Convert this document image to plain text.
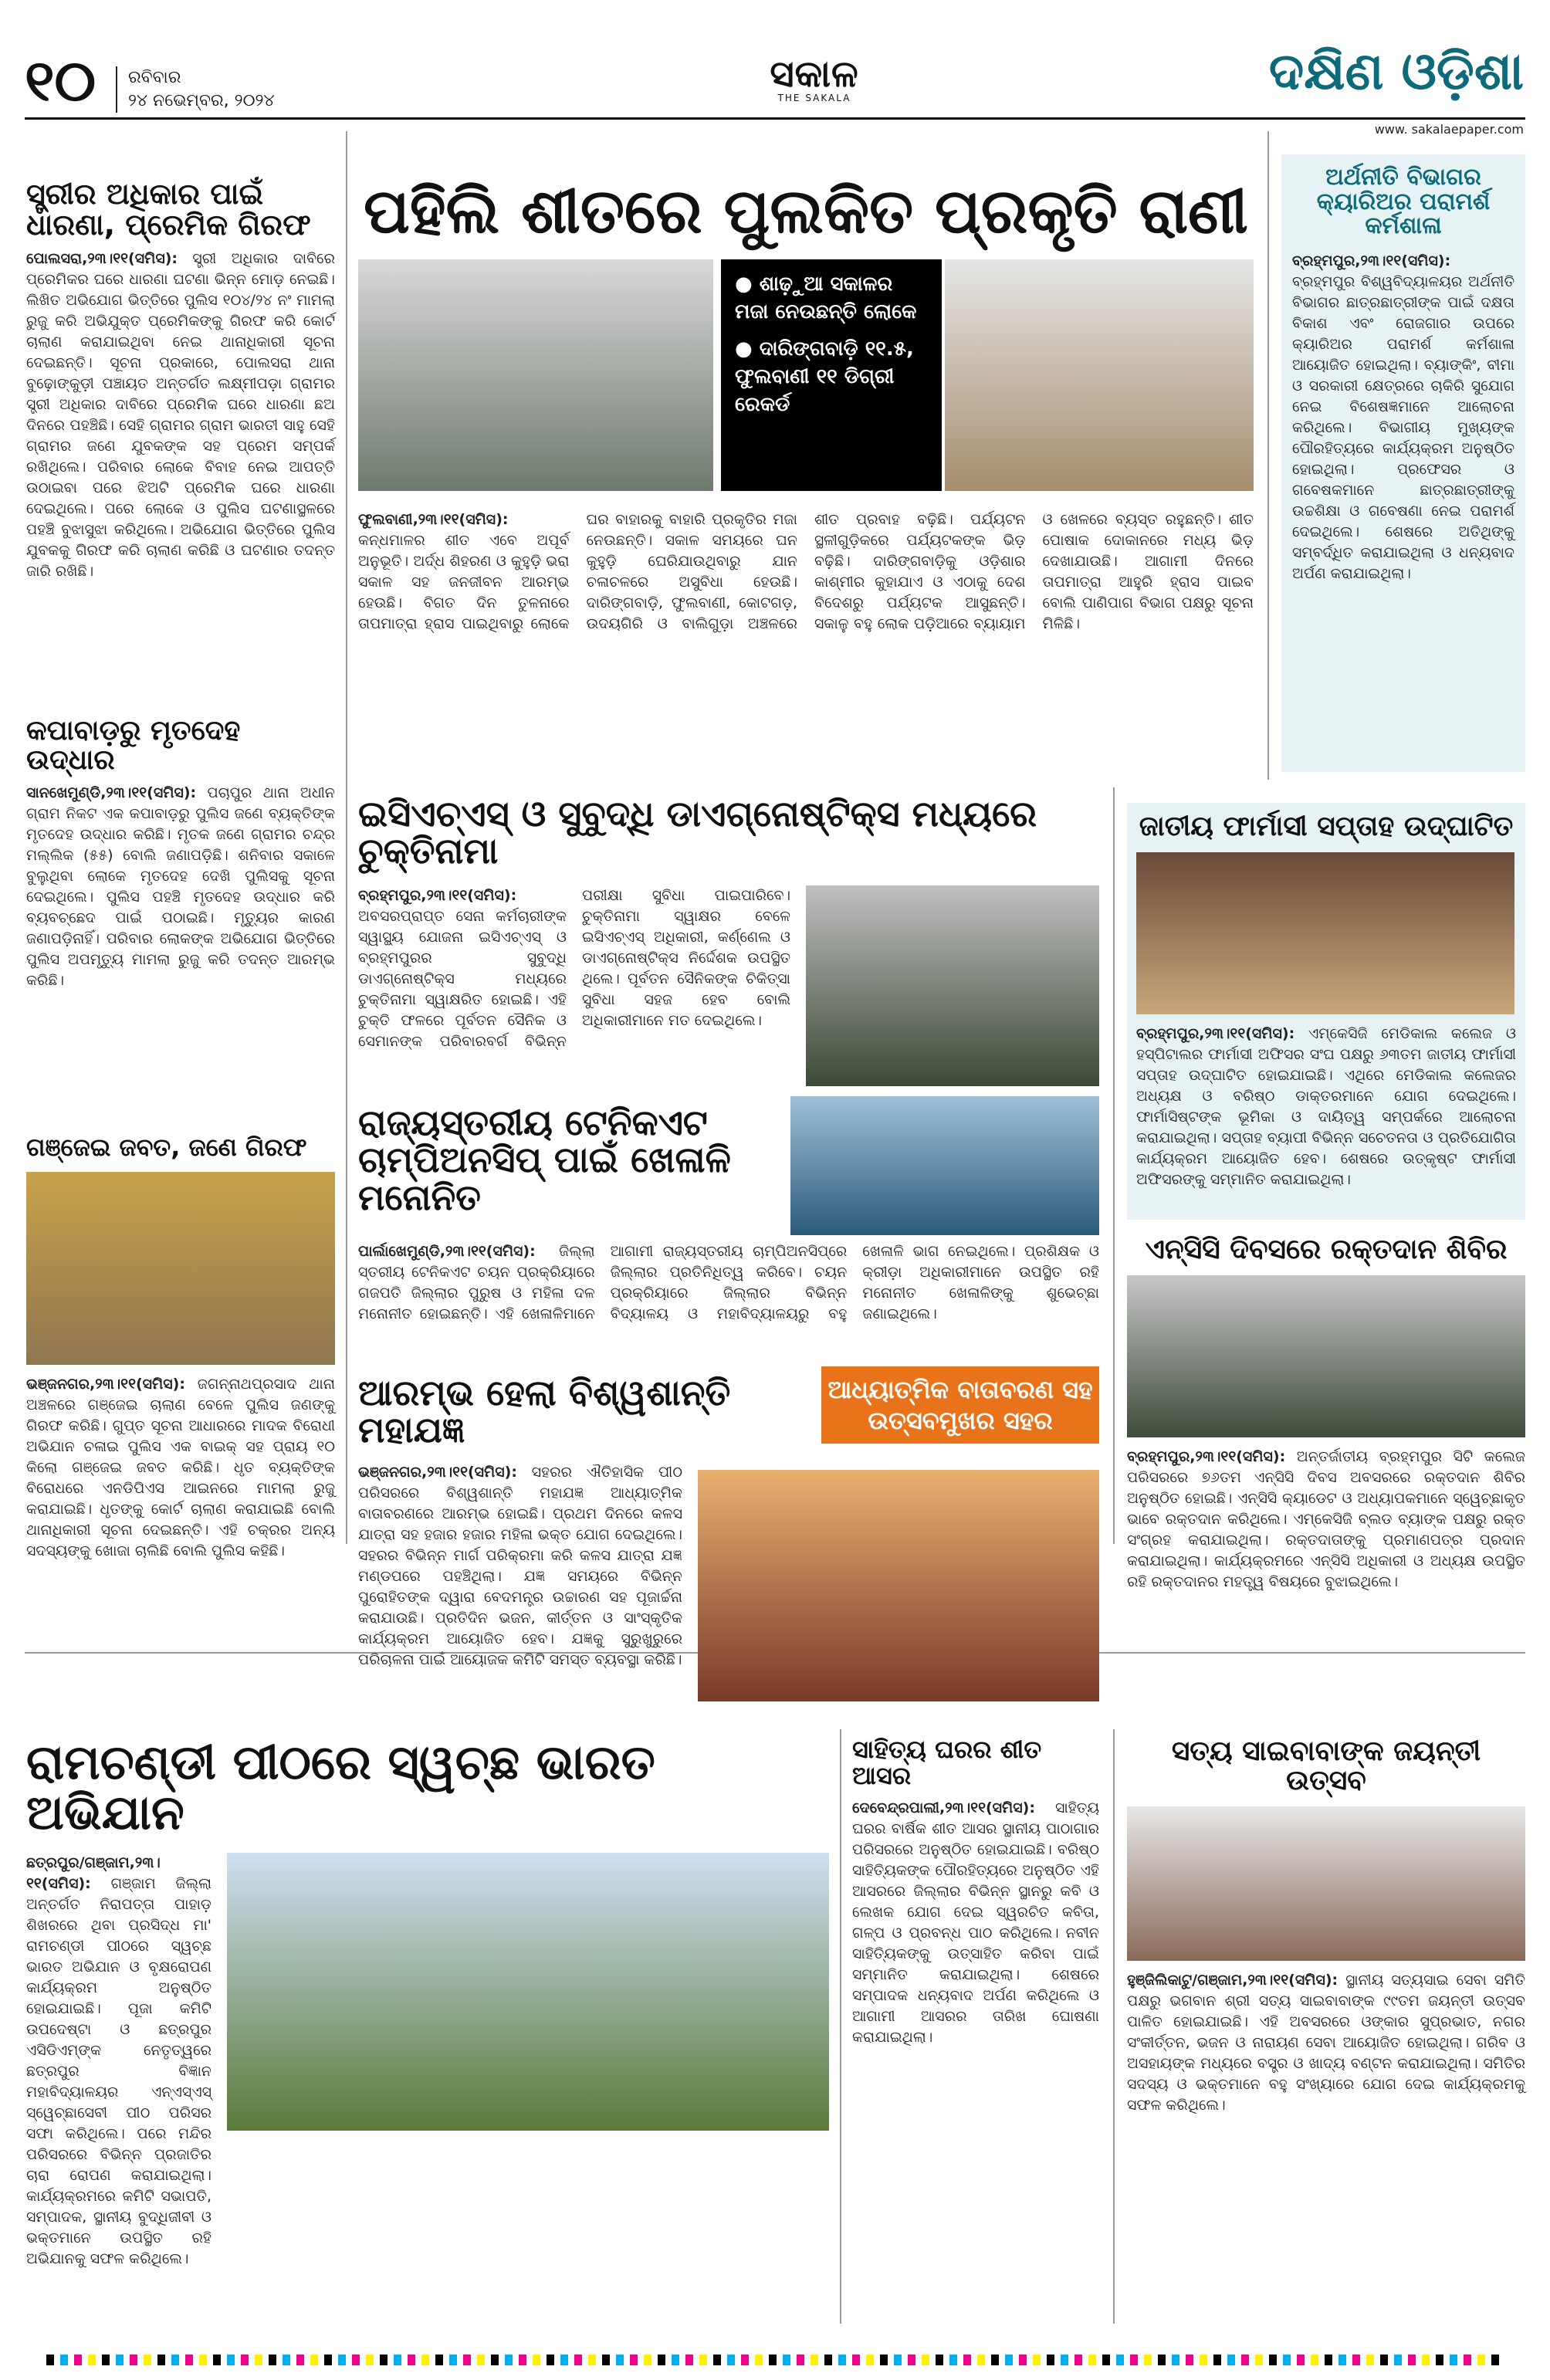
୧୦ ରବିବାର
୨୪ ନଭେମ୍ବର, ୨୦୨୪
ସକାଳ
THE SAKALA	ଦକ୍ଷିଣ ଓଡ଼ିଶା
www. sakalaepaper.com
ସ୍ତ୍ରୀର ଅଧିକାର ପାଇଁ ଧାରଣା, ପ୍ରେମିକ ଗିରଫ
ପୋଲସରା,୨୩।୧୧(ସମିସ): ସ୍ତ୍ରୀ ଅଧିକାର ଦାବିରେ ପ୍ରେମିକର ଘରେ ଧାରଣା ଘଟଣା ଭିନ୍ନ ମୋଡ଼ ନେଇଛି। ଲିଖିତ ଅଭିଯୋଗ ଭିତ୍ତିରେ ପୁଲିସ ୧୦୪/୨୪ ନଂ ମାମଲା ରୁଜୁ କରି ଅଭିଯୁକ୍ତ ପ୍ରେମିକଙ୍କୁ ଗିରଫ କରି କୋର୍ଟ ଚାଲାଣ କରାଯାଇଥିବା ନେଇ ଥାନାଧିକାରୀ ସୂଚନା ଦେଇଛନ୍ତି। ସୂଚନା ପ୍ରକାରେ, ପୋଲସରା ଥାନା ବୁଢ଼ୋଙ୍କୁଡ଼ୀ ପଞ୍ଚାୟତ ଅନ୍ତର୍ଗତ ଲକ୍ଷ୍ମୀପଡ଼ା ଗ୍ରାମର ସ୍ତ୍ରୀ ଅଧିକାର ଦାବିରେ ପ୍ରେମିକ ଘରେ ଧାରଣା ଛଅ ଦିନରେ ପହଞ୍ଚିଛି। ସେହି ଗ୍ରାମର ଗ୍ରାମ ଭାରତୀ ସାହୁ ସେହି ଗ୍ରାମର ଜଣେ ଯୁବକଙ୍କ ସହ ପ୍ରେମ ସମ୍ପର୍କ ରଖିଥିଲେ। ପରିବାର ଲୋକେ ବିବାହ ନେଇ ଆପତ୍ତି ଉଠାଇବା ପରେ ଝିଅଟି ପ୍ରେମିକ ଘରେ ଧାରଣା ଦେଇଥିଲେ। ପରେ ଲୋକେ ଓ ପୁଲିସ ଘଟଣାସ୍ଥଳରେ ପହଞ୍ଚି ବୁଝାସୁଝା କରିଥିଲେ। ଅଭିଯୋଗ ଭିତ୍ତିରେ ପୁଲିସ ଯୁବକକୁ ଗିରଫ କରି ଚାଲାଣ କରିଛି ଓ ଘଟଣାର ତଦନ୍ତ ଜାରି ରଖିଛି।
କପାବାଡ଼ରୁ ମୃତଦେହ ଉଦ୍ଧାର
ସାନଖେମୁଣ୍ଡି,୨୩।୧୧(ସମିସ): ପଚାପୁର ଥାନା ଅଧୀନ ଗ୍ରାମ ନିକଟ ଏକ କପାବାଡ଼ରୁ ପୁଲିସ ଜଣେ ବ୍ୟକ୍ତିଙ୍କ ମୃତଦେହ ଉଦ୍ଧାର କରିଛି। ମୃତକ ଜଣେ ଗ୍ରାମର ଚନ୍ଦ୍ର ମଲ୍ଲିକ (୫୫) ବୋଲି ଜଣାପଡ଼ିଛି। ଶନିବାର ସକାଳେ ବୁଲୁଥିବା ଲୋକେ ମୃତଦେହ ଦେଖି ପୁଲିସକୁ ସୂଚନା ଦେଇଥିଲେ। ପୁଲିସ ପହଞ୍ଚି ମୃତଦେହ ଉଦ୍ଧାର କରି ବ୍ୟବଚ୍ଛେଦ ପାଇଁ ପଠାଇଛି। ମୃତ୍ୟୁର କାରଣ ଜଣାପଡ଼ିନାହିଁ। ପରିବାର ଲୋକଙ୍କ ଅଭିଯୋଗ ଭିତ୍ତିରେ ପୁଲିସ ଅପମୃତ୍ୟୁ ମାମଲା ରୁଜୁ କରି ତଦନ୍ତ ଆରମ୍ଭ କରିଛି।
ଗଞ୍ଜେଇ ଜବତ, ଜଣେ ଗିରଫ
ଭଞ୍ଜନଗର,୨୩।୧୧(ସମିସ): ଜଗନ୍ନାଥପ୍ରସାଦ ଥାନା ଅଞ୍ଚଳରେ ଗଞ୍ଜେଇ ଚାଲାଣ ବେଳେ ପୁଲିସ ଜଣଙ୍କୁ ଗିରଫ କରିଛି। ଗୁପ୍ତ ସୂଚନା ଆଧାରରେ ମାଦକ ବିରୋଧୀ ଅଭିଯାନ ଚଳାଇ ପୁଲିସ ଏକ ବାଇକ୍ ସହ ପ୍ରାୟ ୧୦ କିଲୋ ଗଞ୍ଜେଇ ଜବତ କରିଛି। ଧୃତ ବ୍ୟକ୍ତିଙ୍କ ବିରୋଧରେ ଏନଡିପିଏସ ଆଇନରେ ମାମଲା ରୁଜୁ କରାଯାଇଛି। ଧୃତଙ୍କୁ କୋର୍ଟ ଚାଲାଣ କରାଯାଇଛି ବୋଲି ଥାନାଧିକାରୀ ସୂଚନା ଦେଇଛନ୍ତି। ଏହି ଚକ୍ରର ଅନ୍ୟ ସଦସ୍ୟଙ୍କୁ ଖୋଜା ଚାଲିଛି ବୋଲି ପୁଲିସ କହିଛି।
ପହିଲି ଶୀତରେ ପୁଲକିତ ପ୍ରକୃତି ରାଣୀ
● ଶାଢ଼ୁଆ ସକାଳର ମଜା ନେଉଛନ୍ତି ଲୋକେ
● ଦାରିଙ୍ଗବାଡ଼ି ୧୧.୫, ଫୁଲବାଣୀ ୧୧ ଡିଗ୍ରୀ ରେକର୍ଡ
ଫୁଲବାଣୀ,୨୩।୧୧(ସମିସ): କନ୍ଧମାଳର ଶୀତ ଏବେ ଅପୂର୍ବ ଅନୁଭୂତି। ଅର୍ଦ୍ଧ ଶିହରଣ ଓ କୁହୁଡ଼ି ଭରା ସକାଳ ସହ ଜନଜୀବନ ଆରମ୍ଭ ହେଉଛି। ବିଗତ ଦିନ ତୁଳନାରେ ତାପମାତ୍ରା ହ୍ରାସ ପାଇଥିବାରୁ ଲୋକେ ଘର ବାହାରକୁ ବାହାରି ପ୍ରକୃତିର ମଜା ନେଉଛନ୍ତି। ସକାଳ ସମୟରେ ଘନ କୁହୁଡ଼ି ଘେରିଯାଉଥିବାରୁ ଯାନ ଚଳାଚଳରେ ଅସୁବିଧା ହେଉଛି। ଦାରିଙ୍ଗବାଡ଼ି, ଫୁଲବାଣୀ, କୋଟଗଡ଼, ଉଦୟଗିରି ଓ ବାଲିଗୁଡ଼ା ଅଞ୍ଚଳରେ ଶୀତ ପ୍ରବାହ ବଢ଼ିଛି। ପର୍ଯ୍ୟଟନ ସ୍ଥଳୀଗୁଡ଼ିକରେ ପର୍ଯ୍ୟଟକଙ୍କ ଭିଡ଼ ବଢ଼ିଛି। ଦାରିଙ୍ଗବାଡ଼ିକୁ ଓଡ଼ିଶାର କାଶ୍ମୀର କୁହାଯାଏ ଓ ଏଠାକୁ ଦେଶ ବିଦେଶରୁ ପର୍ଯ୍ୟଟକ ଆସୁଛନ୍ତି। ସକାଳୁ ବହୁ ଲୋକ ପଡ଼ିଆରେ ବ୍ୟାୟାମ ଓ ଖେଳରେ ବ୍ୟସ୍ତ ରହୁଛନ୍ତି। ଶୀତ ପୋଷାକ ଦୋକାନରେ ମଧ୍ୟ ଭିଡ଼ ଦେଖାଯାଉଛି। ଆଗାମୀ ଦିନରେ ତାପମାତ୍ରା ଆହୁରି ହ୍ରାସ ପାଇବ ବୋଲି ପାଣିପାଗ ବିଭାଗ ପକ୍ଷରୁ ସୂଚନା ମିଳିଛି।
ଅର୍ଥନୀତି ବିଭାଗର କ୍ୟାରିଅର ପରାମର୍ଶ କର୍ମଶାଳା
ବ୍ରହ୍ମପୁର,୨୩।୧୧(ସମିସ): ବ୍ରହ୍ମପୁର ବିଶ୍ୱବିଦ୍ୟାଳୟର ଅର୍ଥନୀତି ବିଭାଗର ଛାତ୍ରଛାତ୍ରୀଙ୍କ ପାଇଁ ଦକ୍ଷତା ବିକାଶ ଏବଂ ରୋଜଗାର ଉପରେ କ୍ୟାରିଅର ପରାମର୍ଶ କର୍ମଶାଳା ଆୟୋଜିତ ହୋଇଥିଲା। ବ୍ୟାଙ୍କିଂ, ବୀମା ଓ ସରକାରୀ କ୍ଷେତ୍ରରେ ଚାକିରି ସୁଯୋଗ ନେଇ ବିଶେଷଜ୍ଞମାନେ ଆଲୋଚନା କରିଥିଲେ। ବିଭାଗୀୟ ମୁଖ୍ୟଙ୍କ ପୌରହିତ୍ୟରେ କାର୍ଯ୍ୟକ୍ରମ ଅନୁଷ୍ଠିତ ହୋଇଥିଲା। ପ୍ରଫେସର ଓ ଗବେଷକମାନେ ଛାତ୍ରଛାତ୍ରୀଙ୍କୁ ଉଚ୍ଚଶିକ୍ଷା ଓ ଗବେଷଣା ନେଇ ପରାମର୍ଶ ଦେଇଥିଲେ। ଶେଷରେ ଅତିଥିଙ୍କୁ ସମ୍ବର୍ଦ୍ଧିତ କରାଯାଇଥିଲା ଓ ଧନ୍ୟବାଦ ଅର୍ପଣ କରାଯାଇଥିଲା।
ଇସିଏଚ୍ଏସ୍ ଓ ସୁବୁଦ୍ଧି ଡାଏଗ୍ନୋଷ୍ଟିକ୍ସ ମଧ୍ୟରେ ଚୁକ୍ତିନାମା
ବ୍ରହ୍ମପୁର,୨୩।୧୧(ସମିସ): ଅବସରପ୍ରାପ୍ତ ସେନା କର୍ମଚାରୀଙ୍କ ସ୍ୱାସ୍ଥ୍ୟ ଯୋଜନା ଇସିଏଚ୍ଏସ୍ ଓ ବ୍ରହ୍ମପୁରର ସୁବୁଦ୍ଧି ଡାଏଗ୍ନୋଷ୍ଟିକ୍ସ ମଧ୍ୟରେ ଚୁକ୍ତିନାମା ସ୍ୱାକ୍ଷରିତ ହୋଇଛି। ଏହି ଚୁକ୍ତି ଫଳରେ ପୂର୍ବତନ ସୈନିକ ଓ ସେମାନଙ୍କ ପରିବାରବର୍ଗ ବିଭିନ୍ନ ପରୀକ୍ଷା ସୁବିଧା ପାଇପାରିବେ। ଚୁକ୍ତିନାମା ସ୍ୱାକ୍ଷର ବେଳେ ଇସିଏଚ୍ଏସ୍ ଅଧିକାରୀ, କର୍ଣ୍ଣେଲ ଓ ଡାଏଗ୍ନୋଷ୍ଟିକ୍ସ ନିର୍ଦ୍ଦେଶକ ଉପସ୍ଥିତ ଥିଲେ। ପୂର୍ବତନ ସୈନିକଙ୍କ ଚିକିତ୍ସା ସୁବିଧା ସହଜ ହେବ ବୋଲି ଅଧିକାରୀମାନେ ମତ ଦେଇଥିଲେ।
ରାଜ୍ୟସ୍ତରୀୟ ଟେନିକଏଟ ଚାମ୍ପିଅନସିପ୍ ପାଇଁ ଖେଳାଳି ମନୋନିତ
ପାର୍ଲାଖେମୁଣ୍ଡି,୨୩।୧୧(ସମିସ): ଜିଲ୍ଲା ସ୍ତରୀୟ ଟେନିକଏଟ ଚୟନ ପ୍ରକ୍ରିୟାରେ ଗଜପତି ଜିଲ୍ଲାର ପୁରୁଷ ଓ ମହିଳା ଦଳ ମନୋନୀତ ହୋଇଛନ୍ତି। ଏହି ଖେଳାଳିମାନେ ଆଗାମୀ ରାଜ୍ୟସ୍ତରୀୟ ଚାମ୍ପିଅନସିପ୍‌ରେ ଜିଲ୍ଲାର ପ୍ରତିନିଧିତ୍ୱ କରିବେ। ଚୟନ ପ୍ରକ୍ରିୟାରେ ଜିଲ୍ଲାର ବିଭିନ୍ନ ବିଦ୍ୟାଳୟ ଓ ମହାବିଦ୍ୟାଳୟରୁ ବହୁ ଖେଳାଳି ଭାଗ ନେଇଥିଲେ। ପ୍ରଶିକ୍ଷକ ଓ କ୍ରୀଡ଼ା ଅଧିକାରୀମାନେ ଉପସ୍ଥିତ ରହି ମନୋନୀତ ଖେଳାଳିଙ୍କୁ ଶୁଭେଚ୍ଛା ଜଣାଇଥିଲେ।
ଆରମ୍ଭ ହେଲା ବିଶ୍ୱଶାନ୍ତି ମହାଯଜ୍ଞ
ଆଧ୍ୟାତ୍ମିକ ବାତାବରଣ ସହ ଉତ୍ସବମୁଖର ସହର
ଭଞ୍ଜନଗର,୨୩।୧୧(ସମିସ): ସହରର ଐତିହାସିକ ପୀଠ ପରିସରରେ ବିଶ୍ୱଶାନ୍ତି ମହାଯଜ୍ଞ ଆଧ୍ୟାତ୍ମିକ ବାତାବରଣରେ ଆରମ୍ଭ ହୋଇଛି। ପ୍ରଥମ ଦିନରେ କଳସ ଯାତ୍ରା ସହ ହଜାର ହଜାର ମହିଳା ଭକ୍ତ ଯୋଗ ଦେଇଥିଲେ। ସହରର ବିଭିନ୍ନ ମାର୍ଗ ପରିକ୍ରମା କରି କଳସ ଯାତ୍ରା ଯଜ୍ଞ ମଣ୍ଡପରେ ପହଞ୍ଚିଥିଲା। ଯଜ୍ଞ ସମୟରେ ବିଭିନ୍ନ ପୁରୋହିତଙ୍କ ଦ୍ୱାରା ବେଦମନ୍ତ୍ର ଉଚ୍ଚାରଣ ସହ ପୂଜାର୍ଚ୍ଚନା କରାଯାଉଛି। ପ୍ରତିଦିନ ଭଜନ, କୀର୍ତ୍ତନ ଓ ସାଂସ୍କୃତିକ କାର୍ଯ୍ୟକ୍ରମ ଆୟୋଜିତ ହେବ। ଯଜ୍ଞକୁ ସୁରୁଖୁରୁରେ ପରିଚାଳନା ପାଇଁ ଆୟୋଜକ କମିଟି ସମସ୍ତ ବ୍ୟବସ୍ଥା କରିଛି।
ଜାତୀୟ ଫାର୍ମାସୀ ସପ୍ତାହ ଉଦ୍‌ଘାଟିତ
ବ୍ରହ୍ମପୁର,୨୩।୧୧(ସମିସ): ଏମ୍‌କେସିଜି ମେଡିକାଲ କଲେଜ ଓ ହସ୍ପିଟାଲର ଫାର୍ମାସୀ ଅଫିସର ସଂଘ ପକ୍ଷରୁ ୬୩ତମ ଜାତୀୟ ଫାର୍ମାସୀ ସପ୍ତାହ ଉଦ୍‌ଘାଟିତ ହୋଇଯାଇଛି। ଏଥିରେ ମେଡିକାଲ କଲେଜର ଅଧ୍ୟକ୍ଷ ଓ ବରିଷ୍ଠ ଡାକ୍ତରମାନେ ଯୋଗ ଦେଇଥିଲେ। ଫାର୍ମାସିଷ୍ଟଙ୍କ ଭୂମିକା ଓ ଦାୟିତ୍ୱ ସମ୍ପର୍କରେ ଆଲୋଚନା କରାଯାଇଥିଲା। ସପ୍ତାହ ବ୍ୟାପୀ ବିଭିନ୍ନ ସଚେତନତା ଓ ପ୍ରତିଯୋଗିତା କାର୍ଯ୍ୟକ୍ରମ ଆୟୋଜିତ ହେବ। ଶେଷରେ ଉତ୍କୃଷ୍ଟ ଫାର୍ମାସୀ ଅଫିସରଙ୍କୁ ସମ୍ମାନିତ କରାଯାଇଥିଲା।
ଏନ୍‌ସିସି ଦିବସରେ ରକ୍ତଦାନ ଶିବିର
ବ୍ରହ୍ମପୁର,୨୩।୧୧(ସମିସ): ଅନ୍ତର୍ଜାତୀୟ ବ୍ରହ୍ମପୁର ସିଟି କଲେଜ ପରିସରରେ ୭୬ତମ ଏନ୍‌ସିସି ଦିବସ ଅବସରରେ ରକ୍ତଦାନ ଶିବିର ଅନୁଷ୍ଠିତ ହୋଇଛି। ଏନ୍‌ସିସି କ୍ୟାଡେଟ ଓ ଅଧ୍ୟାପକମାନେ ସ୍ୱେଚ୍ଛାକୃତ ଭାବେ ରକ୍ତଦାନ କରିଥିଲେ। ଏମ୍‌କେସିଜି ବ୍ଲଡ ବ୍ୟାଙ୍କ ପକ୍ଷରୁ ରକ୍ତ ସଂଗ୍ରହ କରାଯାଇଥିଲା। ରକ୍ତଦାତାଙ୍କୁ ପ୍ରମାଣପତ୍ର ପ୍ରଦାନ କରାଯାଇଥିଲା। କାର୍ଯ୍ୟକ୍ରମରେ ଏନ୍‌ସିସି ଅଧିକାରୀ ଓ ଅଧ୍ୟକ୍ଷ ଉପସ୍ଥିତ ରହି ରକ୍ତଦାନର ମହତ୍ତ୍ୱ ବିଷୟରେ ବୁଝାଇଥିଲେ।
ରାମଚଣ୍ଡୀ ପୀଠରେ ସ୍ୱଚ୍ଛ ଭାରତ ଅଭିଯାନ
ଛତ୍ରପୁର/ଗଞ୍ଜାମ,୨୩।୧୧(ସମିସ): ଗଞ୍ଜାମ ଜିଲ୍ଲା ଅନ୍ତର୍ଗତ ନିରାପତ୍ତା ପାହାଡ଼ ଶିଖରରେ ଥିବା ପ୍ରସିଦ୍ଧ ମା' ରାମଚଣ୍ଡୀ ପୀଠରେ ସ୍ୱଚ୍ଛ ଭାରତ ଅଭିଯାନ ଓ ବୃକ୍ଷରୋପଣ କାର୍ଯ୍ୟକ୍ରମ ଅନୁଷ୍ଠିତ ହୋଇଯାଇଛି। ପୂଜା କମିଟି ଉପଦେଷ୍ଟା ଓ ଛତ୍ରପୁର ଏସିଡିଏମ୍ଙ୍କ ନେତୃତ୍ୱରେ ଛତ୍ରପୁର ବିଜ୍ଞାନ ମହାବିଦ୍ୟାଳୟର ଏନ୍‌ଏସ୍‌ଏସ୍ ସ୍ୱେଚ୍ଛାସେବୀ ପୀଠ ପରିସର ସଫା କରିଥିଲେ। ପରେ ମନ୍ଦିର ପରିସରରେ ବିଭିନ୍ନ ପ୍ରଜାତିର ଚାରା ରୋପଣ କରାଯାଇଥିଲା। କାର୍ଯ୍ୟକ୍ରମରେ କମିଟି ସଭାପତି, ସମ୍ପାଦକ, ସ୍ଥାନୀୟ ବୁଦ୍ଧିଜୀବୀ ଓ ଭକ୍ତମାନେ ଉପସ୍ଥିତ ରହି ଅଭିଯାନକୁ ସଫଳ କରିଥିଲେ।
ସାହିତ୍ୟ ଘରର ଶୀତ ଆସର
ଦେବେନ୍ଦ୍ରପାଲୀ,୨୩।୧୧(ସମିସ): ସାହିତ୍ୟ ଘରର ବାର୍ଷିକ ଶୀତ ଆସର ସ୍ଥାନୀୟ ପାଠାଗାର ପରିସରରେ ଅନୁଷ୍ଠିତ ହୋଇଯାଇଛି। ବରିଷ୍ଠ ସାହିତ୍ୟିକଙ୍କ ପୌରହିତ୍ୟରେ ଅନୁଷ୍ଠିତ ଏହି ଆସରରେ ଜିଲ୍ଲାର ବିଭିନ୍ନ ସ୍ଥାନରୁ କବି ଓ ଲେଖକ ଯୋଗ ଦେଇ ସ୍ୱରଚିତ କବିତା, ଗଳ୍ପ ଓ ପ୍ରବନ୍ଧ ପାଠ କରିଥିଲେ। ନବୀନ ସାହିତ୍ୟିକଙ୍କୁ ଉତ୍ସାହିତ କରିବା ପାଇଁ ସମ୍ମାନିତ କରାଯାଇଥିଲା। ଶେଷରେ ସମ୍ପାଦକ ଧନ୍ୟବାଦ ଅର୍ପଣ କରିଥିଲେ ଓ ଆଗାମୀ ଆସରର ତାରିଖ ଘୋଷଣା କରାଯାଇଥିଲା।
ସତ୍ୟ ସାଇବାବାଙ୍କ ଜୟନ୍ତୀ ଉତ୍ସବ
ହୁଞ୍ଜିଲିକାଟୁ/ଗଞ୍ଜାମ,୨୩।୧୧(ସମିସ): ସ୍ଥାନୀୟ ସତ୍ୟସାଇ ସେବା ସମିତି ପକ୍ଷରୁ ଭଗବାନ ଶ୍ରୀ ସତ୍ୟ ସାଇବାବାଙ୍କ ୯୯ତମ ଜୟନ୍ତୀ ଉତ୍ସବ ପାଳିତ ହୋଇଯାଇଛି। ଏହି ଅବସରରେ ଓଙ୍କାର ସୁପ୍ରଭାତ, ନଗର ସଂକୀର୍ତ୍ତନ, ଭଜନ ଓ ନାରାୟଣ ସେବା ଆୟୋଜିତ ହୋଇଥିଲା। ଗରିବ ଓ ଅସହାୟଙ୍କ ମଧ୍ୟରେ ବସ୍ତ୍ର ଓ ଖାଦ୍ୟ ବଣ୍ଟନ କରାଯାଇଥିଲା। ସମିତିର ସଦସ୍ୟ ଓ ଭକ୍ତମାନେ ବହୁ ସଂଖ୍ୟାରେ ଯୋଗ ଦେଇ କାର୍ଯ୍ୟକ୍ରମକୁ ସଫଳ କରିଥିଲେ।
